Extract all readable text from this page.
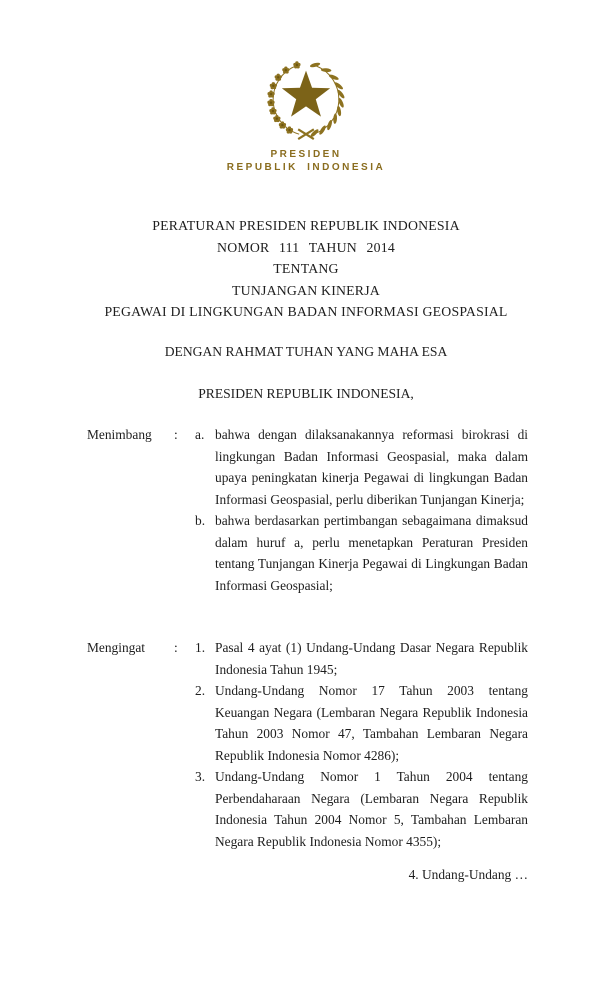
PRESIDEN
REPUBLIK INDONESIA
PERATURAN PRESIDEN REPUBLIK INDONESIA
NOMOR 111 TAHUN 2014
TENTANG
TUNJANGAN KINERJA
PEGAWAI DI LINGKUNGAN BADAN INFORMASI GEOSPASIAL
DENGAN RAHMAT TUHAN YANG MAHA ESA
PRESIDEN REPUBLIK INDONESIA,
Menimbang	:	a. bahwa dengan dilaksanakannya reformasi birokrasi di lingkungan Badan Informasi Geospasial, maka dalam upaya peningkatan kinerja Pegawai di lingkungan Badan Informasi Geospasial, perlu diberikan Tunjangan Kinerja;
b. bahwa berdasarkan pertimbangan sebagaimana dimaksud dalam huruf a, perlu menetapkan Peraturan Presiden tentang Tunjangan Kinerja Pegawai di Lingkungan Badan Informasi Geospasial;
Mengingat	:	1. Pasal 4 ayat (1) Undang-Undang Dasar Negara Republik Indonesia Tahun 1945;
2. Undang-Undang Nomor 17 Tahun 2003 tentang Keuangan Negara (Lembaran Negara Republik Indonesia Tahun 2003 Nomor 47, Tambahan Lembaran Negara Republik Indonesia Nomor 4286);
3. Undang-Undang Nomor 1 Tahun 2004 tentang Perbendaharaan Negara (Lembaran Negara Republik Indonesia Tahun 2004 Nomor 5, Tambahan Lembaran Negara Republik Indonesia Nomor 4355);
4. Undang-Undang …
